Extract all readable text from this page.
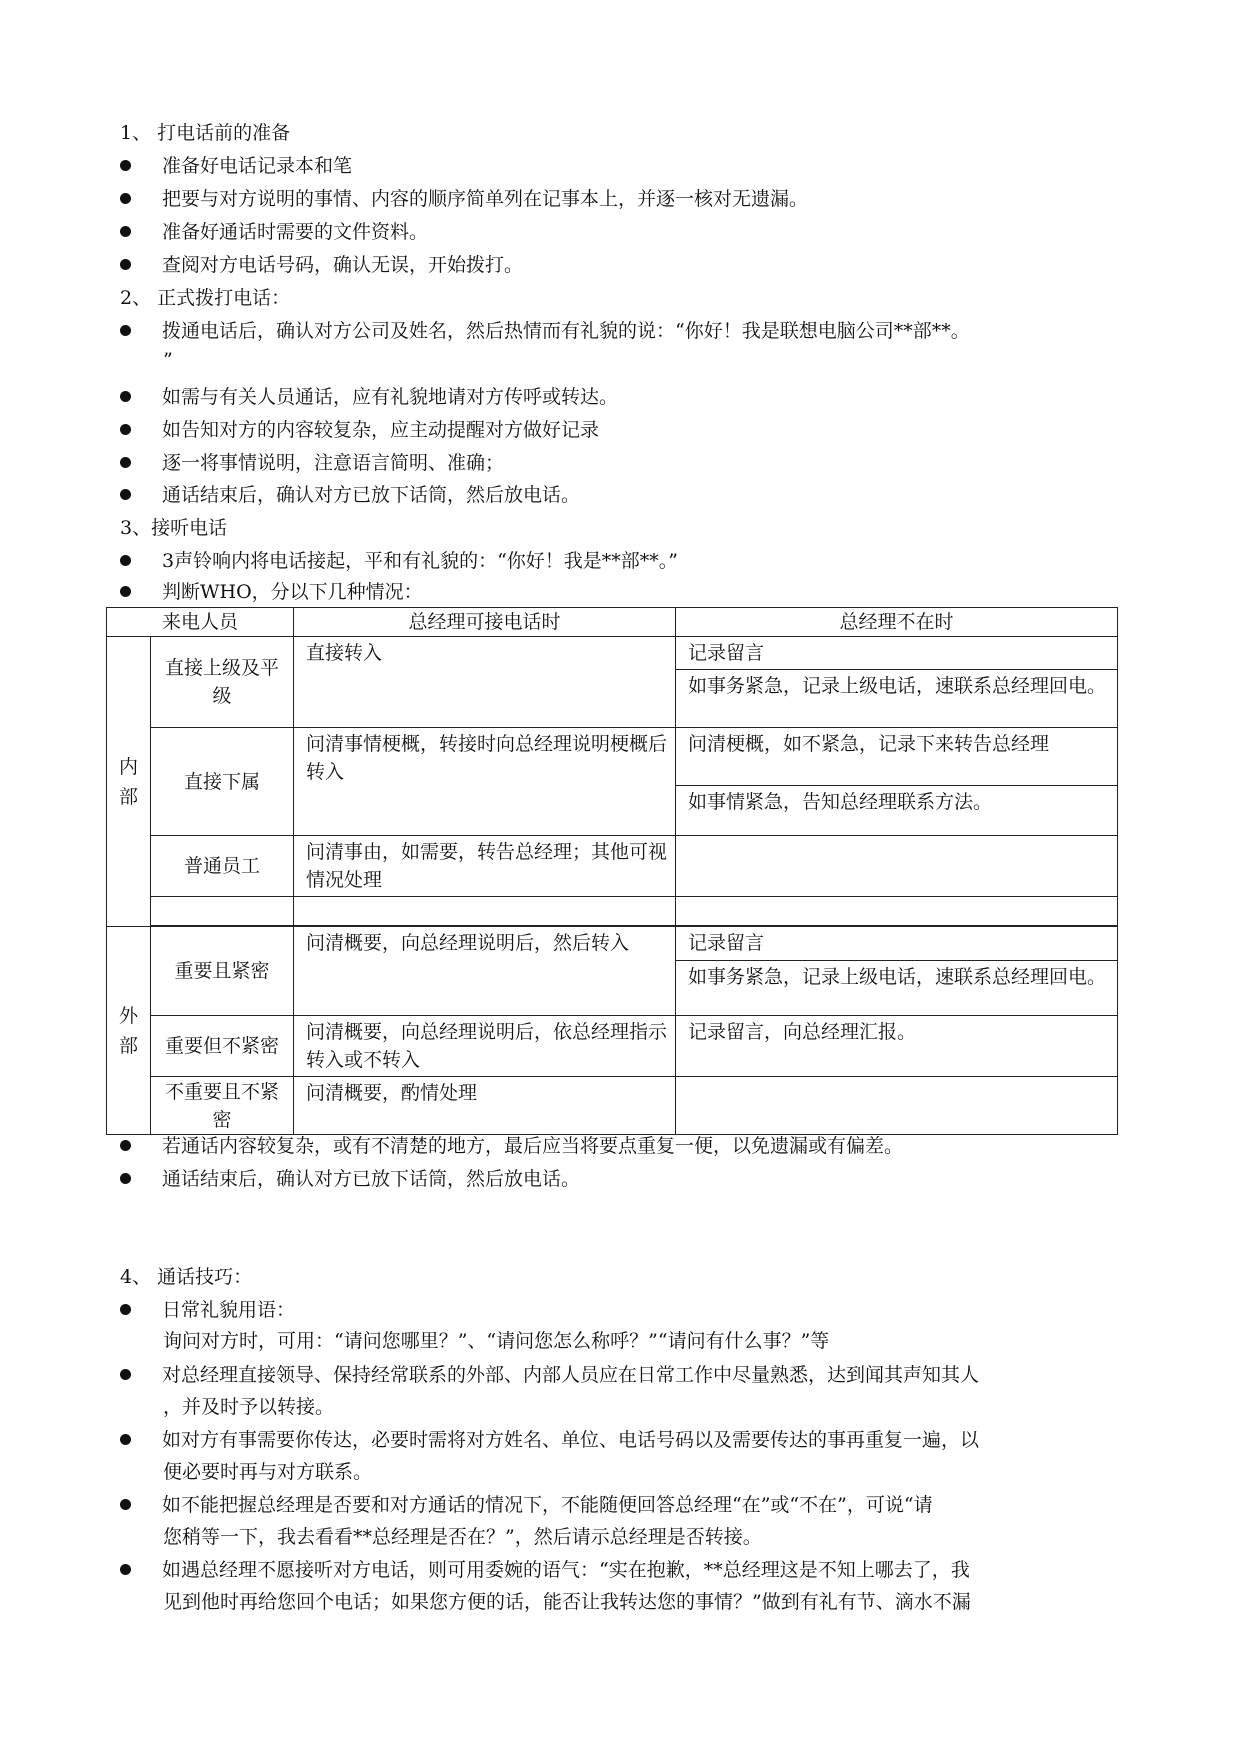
1、 打电话前的准备
准备好电话记录本和笔
把要与对方说明的事情、内容的顺序简单列在记事本上，并逐一核对无遗漏。
准备好通话时需要的文件资料。
查阅对方电话号码，确认无误，开始拨打。
2、 正式拨打电话：
拨通电话后，确认对方公司及姓名，然后热情而有礼貌的说：“你好！我是联想电脑公司**部**。
”
如需与有关人员通话，应有礼貌地请对方传呼或转达。
如告知对方的内容较复杂，应主动提醒对方做好记录
逐一将事情说明，注意语言简明、准确；
通话结束后，确认对方已放下话筒，然后放电话。
3、接听电话
3声铃响内将电话接起，平和有礼貌的：“你好！我是**部**。”
判断WHO，分以下几种情况：
来电人员		总经理可接电话时	总经理不在时

内部	直接上级及平级	直接转入	记录留言
			如事务紧急，记录上级电话，速联系总经理回电。
	直接下属	问清事情梗概，转接时向总经理说明梗概后转入	问清梗概，如不紧急，记录下来转告总经理
			如事情紧急，告知总经理联系方法。
	普通员工	问清事由，如需要，转告总经理；其他可视情况处理	

外部	重要且紧密	问清概要，向总经理说明后，然后转入	记录留言
			如事务紧急，记录上级电话，速联系总经理回电。
	重要但不紧密	问清概要，向总经理说明后，依总经理指示转入或不转入	记录留言，向总经理汇报。
	不重要且不紧密	问清概要，酌情处理	
若通话内容较复杂，或有不清楚的地方，最后应当将要点重复一便，以免遗漏或有偏差。
通话结束后，确认对方已放下话筒，然后放电话。
4、 通话技巧：
日常礼貌用语：
询问对方时，可用：“请问您哪里？”、“请问您怎么称呼？”“请问有什么事？”等
对总经理直接领导、保持经常联系的外部、内部人员应在日常工作中尽量熟悉，达到闻其声知其人
，并及时予以转接。
如对方有事需要你传达，必要时需将对方姓名、单位、电话号码以及需要传达的事再重复一遍，以
便必要时再与对方联系。
如不能把握总经理是否要和对方通话的情况下，不能随便回答总经理“在”或“不在”，可说“请
您稍等一下，我去看看**总经理是否在？”，然后请示总经理是否转接。
如遇总经理不愿接听对方电话，则可用委婉的语气：“实在抱歉，**总经理这是不知上哪去了，我
见到他时再给您回个电话；如果您方便的话，能否让我转达您的事情？”做到有礼有节、滴水不漏
